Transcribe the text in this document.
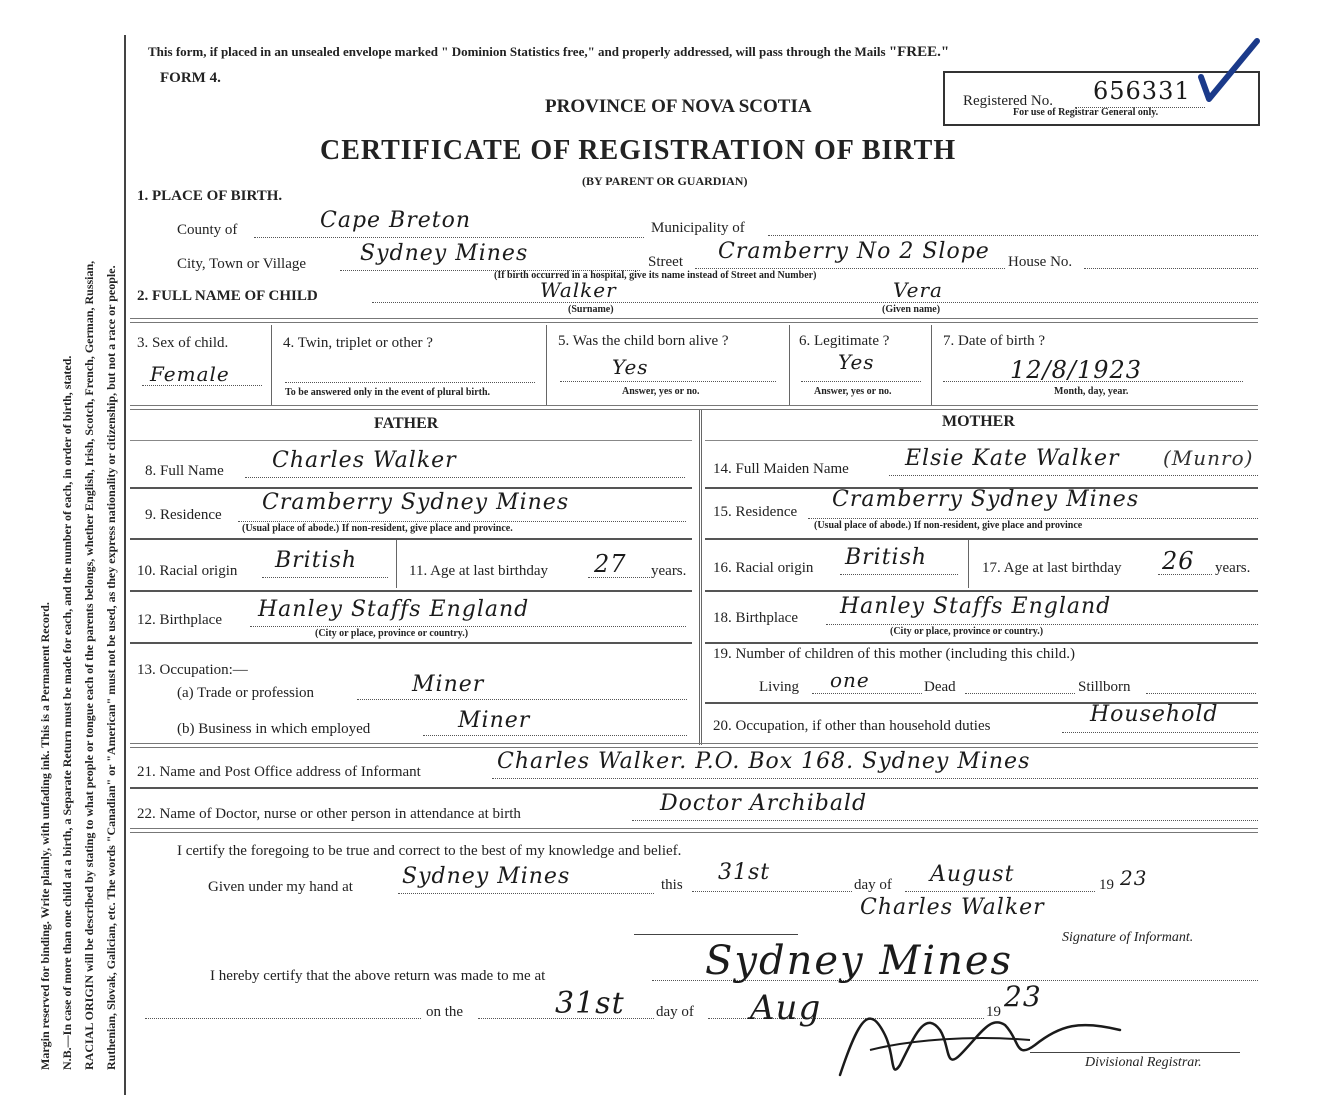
Margin reserved for binding. Write plainly, with unfading ink. This is a Permanent Record. N.B.—In case of more than one child at a birth, a Separate Return must be made for each, and the number of each, in order of birth, stated. RACIAL ORIGIN will be described by stating to what people or tongue each of the parents belongs, whether English, Irish, Scotch, French, German, Russian, Ruthenian, Slovak, Galician, etc. The words "Canadian" or "American" must not be used, as they express nationality or citizenship, but not a race or people.
This form, if placed in an unsealed envelope marked " Dominion Statistics free," and properly addressed, will pass through the Mails "FREE."
FORM 4.
PROVINCE OF NOVA SCOTIA
CERTIFICATE OF REGISTRATION OF BIRTH
(BY PARENT OR GUARDIAN)
Registered No. 656331
For use of Registrar General only.
1. PLACE OF BIRTH.
County of	Cape Breton	Municipality of
City, Town or Village Sydney Mines	Street Cramberry No 2 Slope House No.
(If birth occurred in a hospital, give its name instead of Street and Number)
2. FULL NAME OF CHILD	Walker
(Surname)
Vera
(Given name)
3. Sex of child.
Female
4. Twin, triplet or other ?
To be answered only in the event of plural birth.
5. Was the child born alive ?
Yes
Answer, yes or no.
6. Legitimate ?
Yes
Answer, yes or no.
7. Date of birth ?
12/8/1923
Month, day, year.
FATHER	MOTHER
8. Full Name Charles Walker
9. Residence Cramberry Sydney Mines
(Usual place of abode.) If non-resident, give place and province.
10. Racial origin British	11. Age at last birthday 27 years.
12. Birthplace Hanley Staffs England
(City or place, province or country.)
13. Occupation:—
(a) Trade or profession	Miner
(b) Business in which employed	Miner
14. Full Maiden Name	Elsie Kate Walker (Munro)
15. Residence Cramberry Sydney Mines
(Usual place of abode.) If non-resident, give place and province
16. Racial origin British	17. Age at last birthday 26 years.
18. Birthplace Hanley Staffs England
(City or place, province or country.)
19. Number of children of this mother (including this child.)
Living one	Dead	Stillborn
20. Occupation, if other than household duties	Household
21. Name and Post Office address of Informant	Charles Walker. P.O. Box 168. Sydney Mines
22. Name of Doctor, nurse or other person in attendance at birth	Doctor Archibald
I certify the foregoing to be true and correct to the best of my knowledge and belief.
Given under my hand at Sydney Mines	this 31st	day of August	19 23
Charles Walker
Signature of Informant.
I hereby certify that the above return was made to me at	Sydney Mines
on the	31st day of Aug	19 23
Divisional Registrar.
